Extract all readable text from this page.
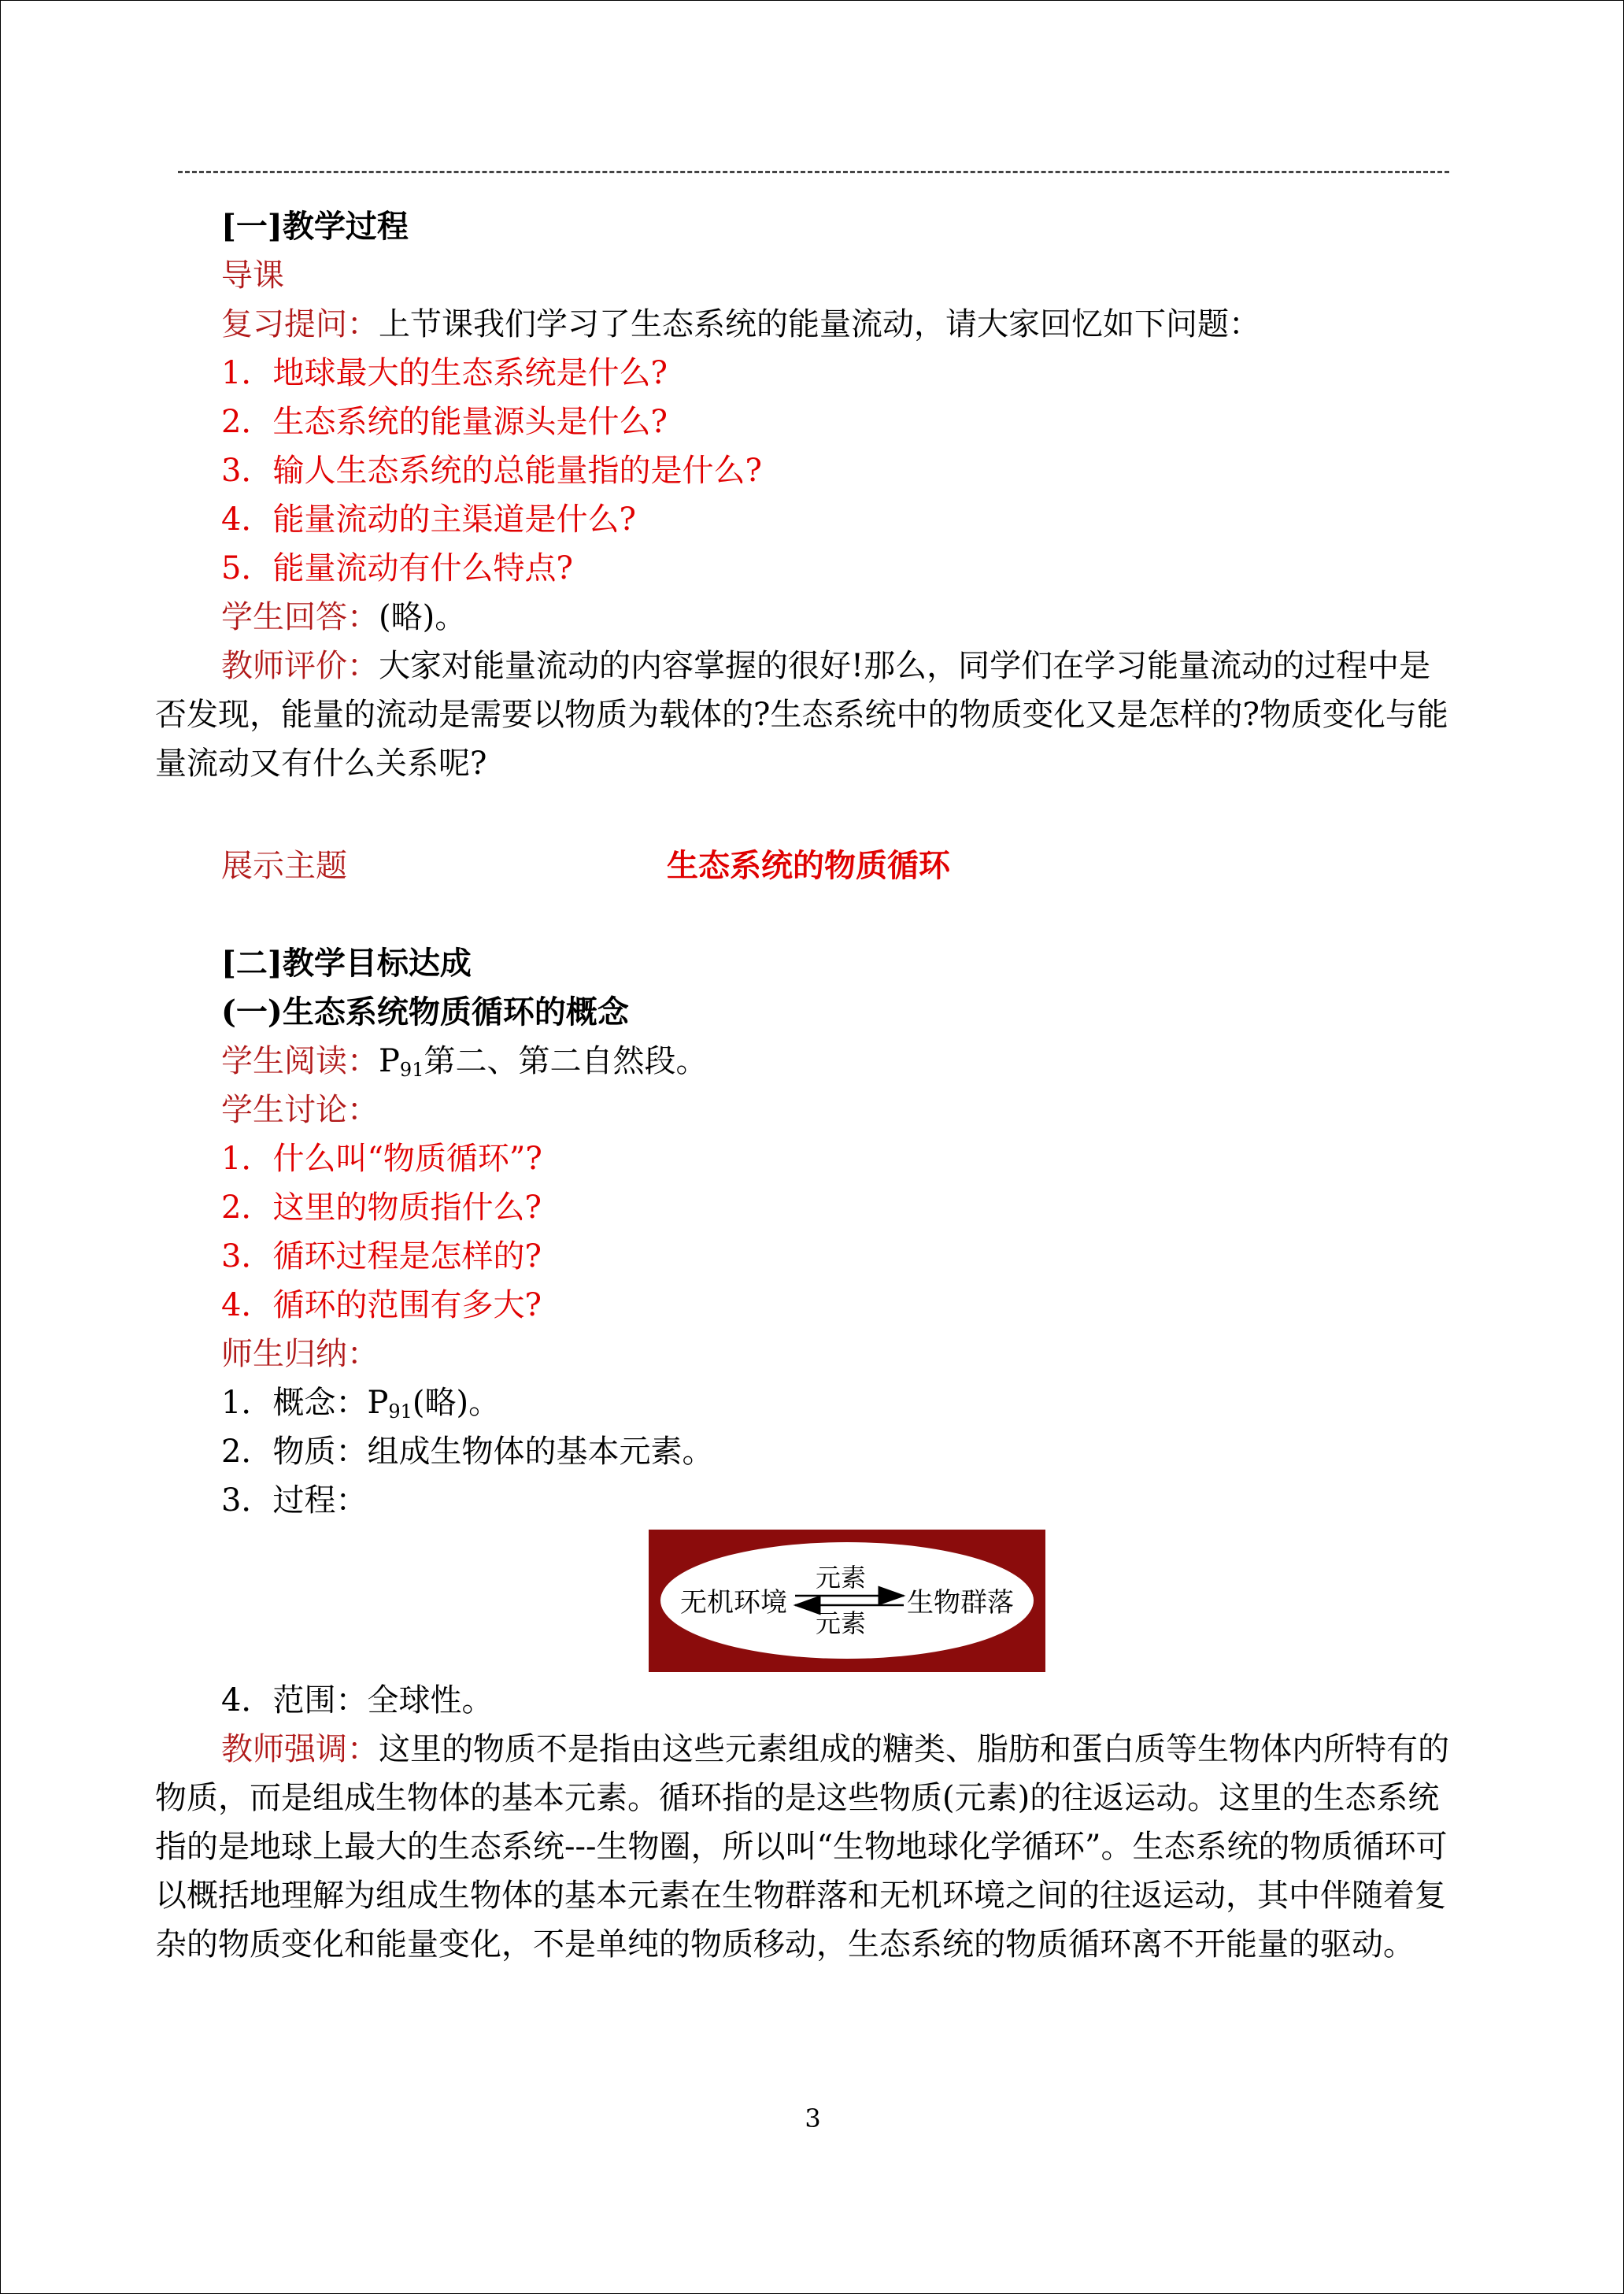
[一]教学过程
导课
复习提问：上节课我们学习了生态系统的能量流动，请大家回忆如下问题：
1．地球最大的生态系统是什么?
2．生态系统的能量源头是什么?
3．输人生态系统的总能量指的是什么?
4．能量流动的主渠道是什么?
5．能量流动有什么特点?
学生回答：(略)。
教师评价：大家对能量流动的内容掌握的很好!那么，同学们在学习能量流动的过程中是否发现，能量的流动是需要以物质为载体的?生态系统中的物质变化又是怎样的?物质变化与能量流动又有什么关系呢?
展示主题	生态系统的物质循环
[二]教学目标达成
(一)生态系统物质循环的概念
学生阅读：$P_{91}$第二、第二自然段。
学生讨论：
1．什么叫“物质循环”?
2．这里的物质指什么?
3．循环过程是怎样的?
4．循环的范围有多大?
师生归纳：
1．概念：$P_{91}$(略)。
2．物质：组成生物体的基本元素。
3．过程：
无机环境
元素
元素
生物群落
4．范围：全球性。
教师强调：这里的物质不是指由这些元素组成的糖类、脂肪和蛋白质等生物体内所特有的物质，而是组成生物体的基本元素。循环指的是这些物质(元素)的往返运动。这里的生态系统指的是地球上最大的生态系统---生物圈，所以叫“生物地球化学循环”。生态系统的物质循环可以概括地理解为组成生物体的基本元素在生物群落和无机环境之间的往返运动，其中伴随着复杂的物质变化和能量变化，不是单纯的物质移动，生态系统的物质循环离不开能量的驱动。
3
